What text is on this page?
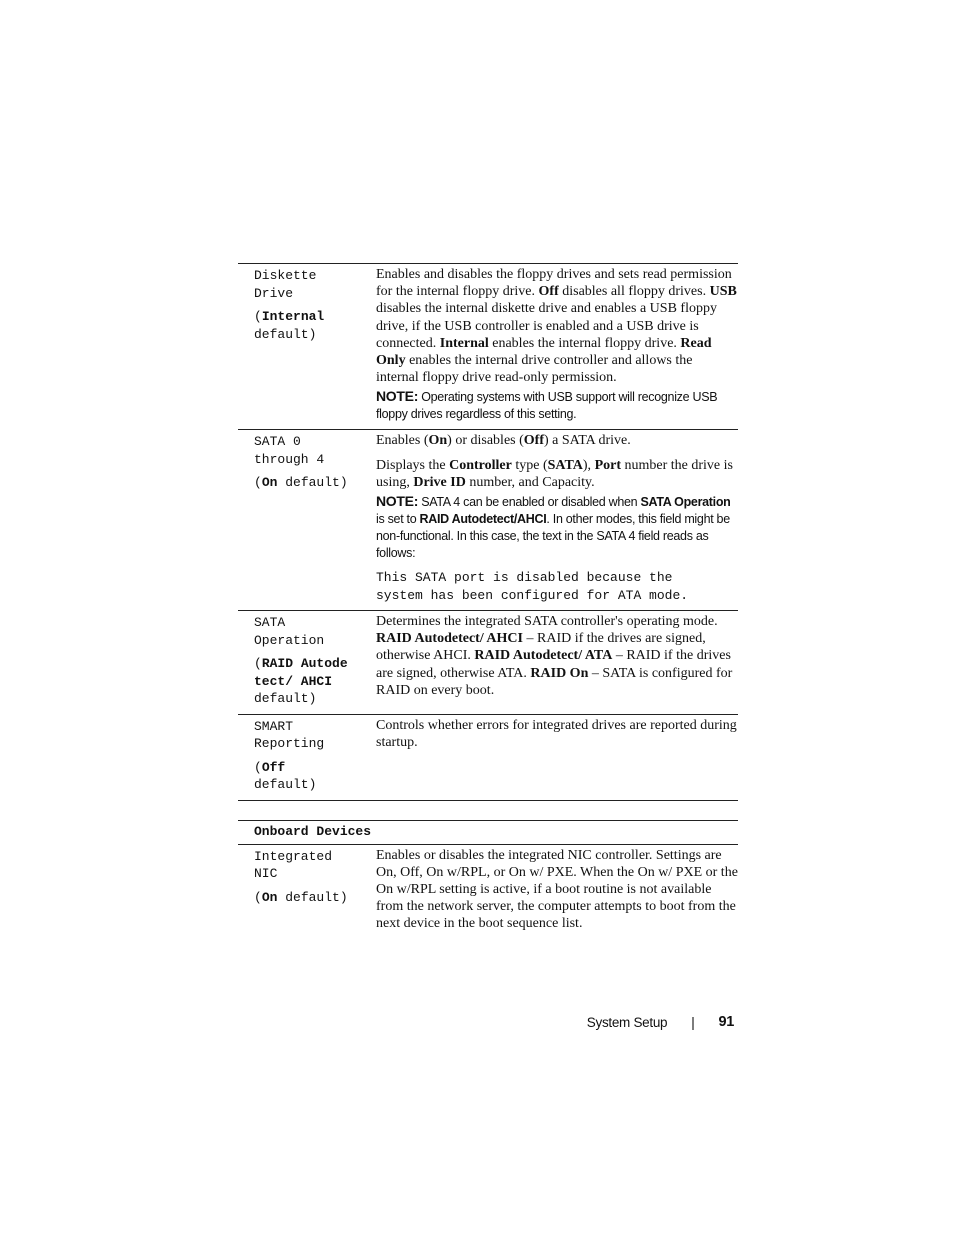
Diskette
Drive

(Internal
default)

Enables and disables the floppy drives and sets read permission for the internal floppy drive. Off disables all floppy drives. USB disables the internal diskette drive and enables a USB floppy drive, if the USB controller is enabled and a USB drive is connected. Internal enables the internal floppy drive. Read Only enables the internal drive controller and allows the internal floppy drive read-only permission.

NOTE: Operating systems with USB support will recognize USB floppy drives regardless of this setting.

SATA 0
through 4

(On default)

Enables (On) or disables (Off) a SATA drive.

Displays the Controller type (SATA), Port number the drive is using, Drive ID number, and Capacity.

NOTE: SATA 4 can be enabled or disabled when SATA Operation is set to RAID Autodetect/AHCI. In other modes, this field might be non-functional. In this case, the text in the SATA 4 field reads as follows:

This SATA port is disabled because the
system has been configured for ATA mode.

SATA
Operation

(RAID Autode
tect/ AHCI
default)

Determines the integrated SATA controller's operating mode. RAID Autodetect/ AHCI – RAID if the drives are signed, otherwise AHCI. RAID Autodetect/ ATA – RAID if the drives are signed, otherwise ATA. RAID On – SATA is configured for RAID on every boot.

SMART
Reporting

(Off
default)

Controls whether errors for integrated drives are reported during startup.

Onboard Devices

Integrated
NIC

(On default)

Enables or disables the integrated NIC controller. Settings are On, Off, On w/RPL, or On w/ PXE. When the On w/ PXE or the On w/RPL setting is active, if a boot routine is not available from the network server, the computer attempts to boot from the next device in the boot sequence list.

System Setup | 91
